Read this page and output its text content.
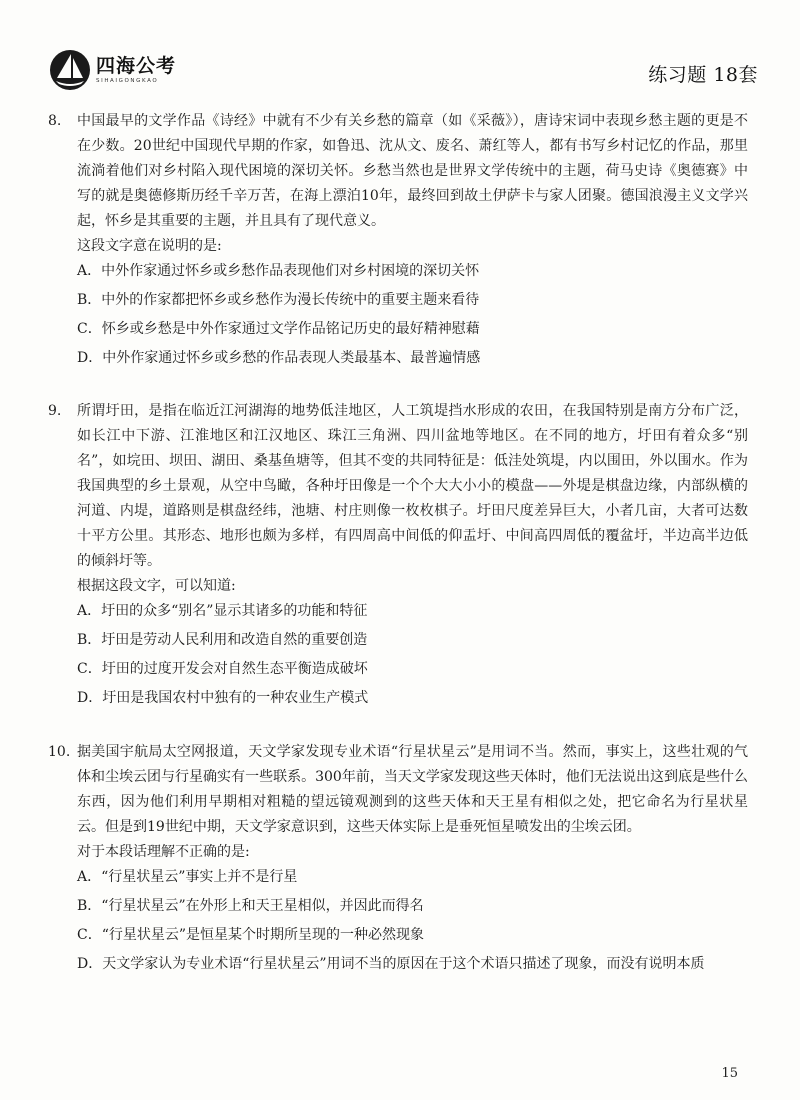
四海公考
SIHAIGONGKAO	练习题 18套
8. 中国最早的文学作品《诗经》中就有不少有关乡愁的篇章（如《采薇》），唐诗宋词中表现乡愁主题的更是不在少数。20世纪中国现代早期的作家，如鲁迅、沈从文、废名、萧红等人，都有书写乡村记忆的作品，那里流淌着他们对乡村陷入现代困境的深切关怀。乡愁当然也是世界文学传统中的主题，荷马史诗《奥德赛》中写的就是奥德修斯历经千辛万苦，在海上漂泊10年，最终回到故土伊萨卡与家人团聚。德国浪漫主义文学兴起，怀乡是其重要的主题，并且具有了现代意义。

这段文字意在说明的是:

A．中外作家通过怀乡或乡愁作品表现他们对乡村困境的深切关怀

B．中外的作家都把怀乡或乡愁作为漫长传统中的重要主题来看待

C．怀乡或乡愁是中外作家通过文学作品铭记历史的最好精神慰藉

D．中外作家通过怀乡或乡愁的作品表现人类最基本、最普遍情感

9. 所谓圩田，是指在临近江河湖海的地势低洼地区，人工筑堤挡水形成的农田，在我国特别是南方分布广泛，如长江中下游、江淮地区和江汉地区、珠江三角洲、四川盆地等地区。在不同的地方，圩田有着众多“别名”，如垸田、坝田、湖田、桑基鱼塘等，但其不变的共同特征是：低洼处筑堤，内以围田，外以围水。作为我国典型的乡土景观，从空中鸟瞰，各种圩田像是一个个大大小小的模盘——外堤是棋盘边缘，内部纵横的河道、内堤，道路则是棋盘经纬，池塘、村庄则像一枚枚棋子。圩田尺度差异巨大，小者几亩，大者可达数十平方公里。其形态、地形也颇为多样，有四周高中间低的仰盂圩、中间高四周低的覆盆圩，半边高半边低的倾斜圩等。

根据这段文字，可以知道:

A．圩田的众多“别名”显示其诸多的功能和特征

B．圩田是劳动人民利用和改造自然的重要创造

C．圩田的过度开发会对自然生态平衡造成破坏

D．圩田是我国农村中独有的一种农业生产模式

10. 据美国宇航局太空网报道，天文学家发现专业术语“行星状星云”是用词不当。然而，事实上，这些壮观的气体和尘埃云团与行星确实有一些联系。300年前，当天文学家发现这些天体时，他们无法说出这到底是些什么东西，因为他们利用早期相对粗糙的望远镜观测到的这些天体和天王星有相似之处，把它命名为行星状星云。但是到19世纪中期，天文学家意识到，这些天体实际上是垂死恒星喷发出的尘埃云团。

对于本段话理解不正确的是:

A．“行星状星云”事实上并不是行星

B．“行星状星云”在外形上和天王星相似，并因此而得名

C．“行星状星云”是恒星某个时期所呈现的一种必然现象

D．天文学家认为专业术语“行星状星云”用词不当的原因在于这个术语只描述了现象，而没有说明本质

15
